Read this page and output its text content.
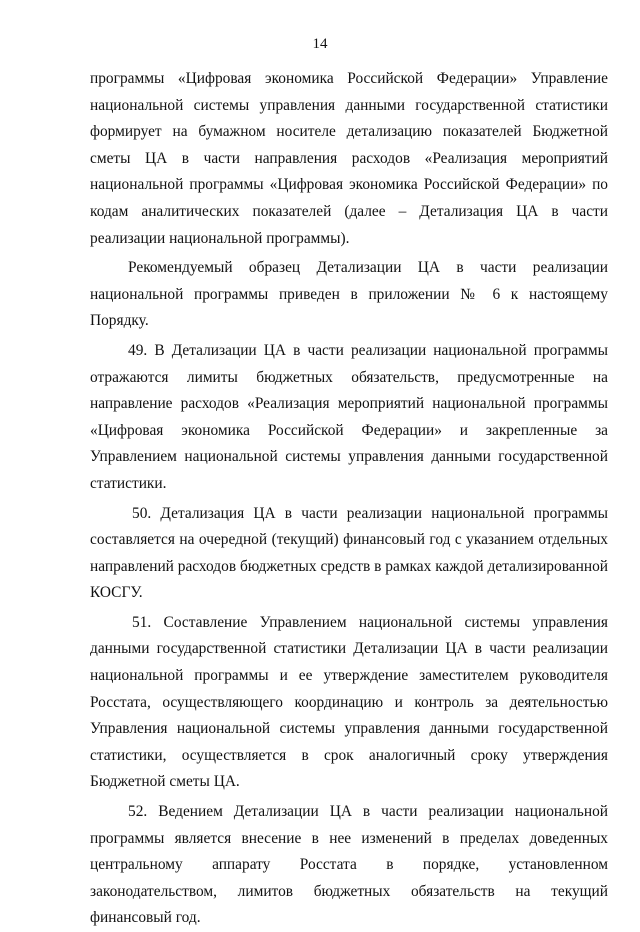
14

программы «Цифровая экономика Российской Федерации» Управление национальной системы управления данными государственной статистики формирует на бумажном носителе детализацию показателей Бюджетной сметы ЦА в части направления расходов «Реализация мероприятий национальной программы «Цифровая экономика Российской Федерации» по кодам аналитических показателей (далее – Детализация ЦА в части реализации национальной программы).

Рекомендуемый образец Детализации ЦА в части реализации национальной программы приведен в приложении № 6 к настоящему Порядку.

49. В Детализации ЦА в части реализации национальной программы отражаются лимиты бюджетных обязательств, предусмотренные на направление расходов «Реализация мероприятий национальной программы «Цифровая экономика Российской Федерации» и закрепленные за Управлением национальной системы управления данными государственной статистики.

50. Детализация ЦА в части реализации национальной программы составляется на очередной (текущий) финансовый год с указанием отдельных направлений расходов бюджетных средств в рамках каждой детализированной КОСГУ.

51. Составление Управлением национальной системы управления данными государственной статистики Детализации ЦА в части реализации национальной программы и ее утверждение заместителем руководителя Росстата, осуществляющего координацию и контроль за деятельностью Управления национальной системы управления данными государственной статистики, осуществляется в срок аналогичный сроку утверждения Бюджетной сметы ЦА.

52. Ведением Детализации ЦА в части реализации национальной программы является внесение в нее изменений в пределах доведенных центральному аппарату Росстата в порядке, установленном законодательством, лимитов бюджетных обязательств на текущий финансовый год.
